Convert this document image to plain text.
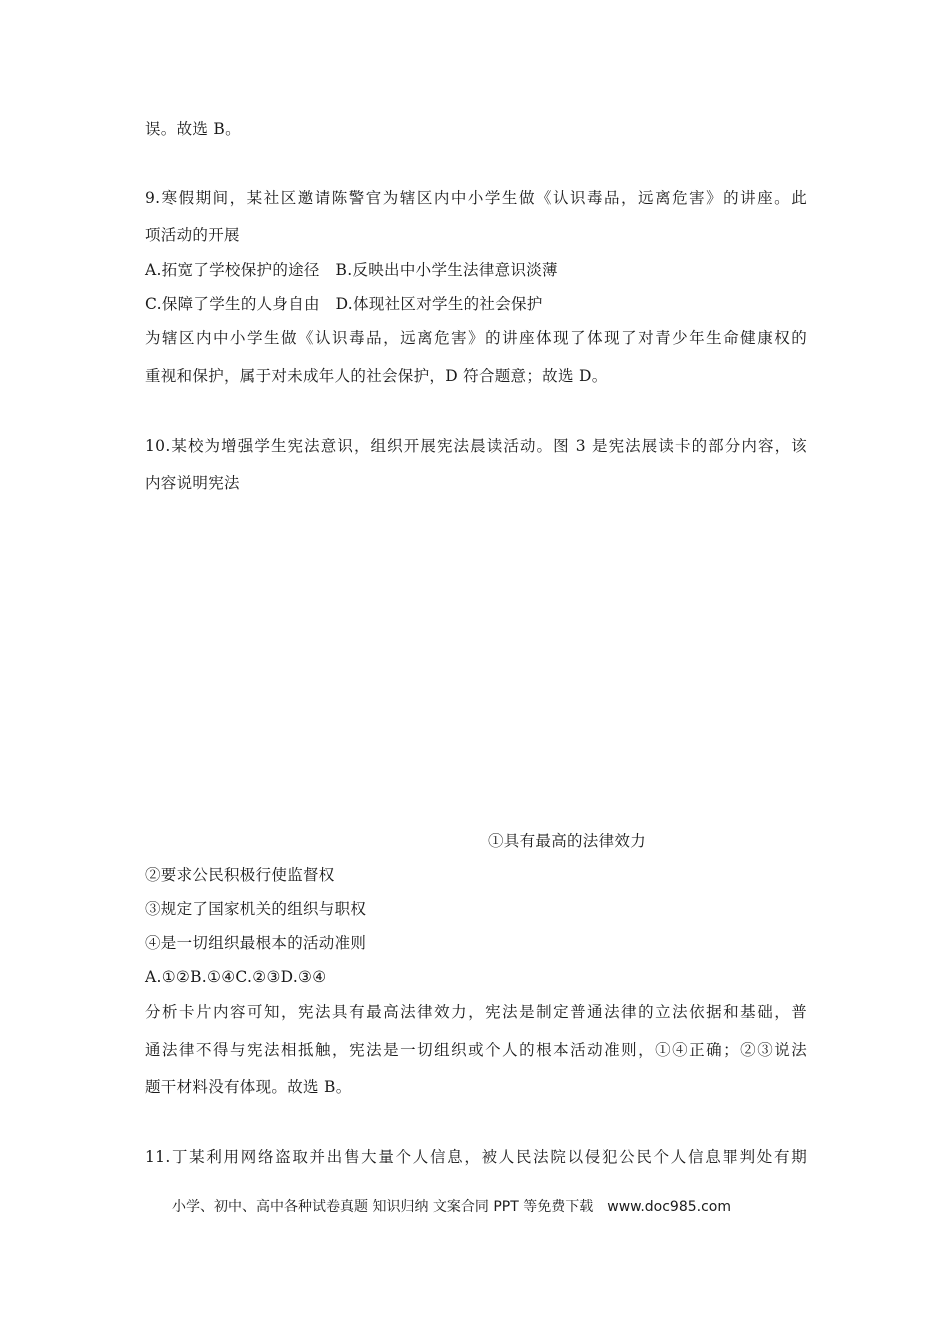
误。故选 B。
9.寒假期间，某社区邀请陈警官为辖区内中小学生做《认识毒品，远离危害》的讲座。此
项活动的开展
A.拓宽了学校保护的途径　B.反映出中小学生法律意识淡薄
C.保障了学生的人身自由　D.体现社区对学生的社会保护
为辖区内中小学生做《认识毒品，远离危害》的讲座体现了体现了对青少年生命健康权的
重视和保护，属于对未成年人的社会保护，D 符合题意；故选 D。
10.某校为增强学生宪法意识，组织开展宪法晨读活动。图 3 是宪法展读卡的部分内容，该
内容说明宪法
①具有最高的法律效力
②要求公民积极行使监督权
③规定了国家机关的组织与职权
④是一切组织最根本的活动准则
A.①②B.①④C.②③D.③④
分析卡片内容可知，宪法具有最高法律效力，宪法是制定普通法律的立法依据和基础，普
通法律不得与宪法相抵触，宪法是一切组织或个人的根本活动准则，①④正确；②③说法
题干材料没有体现。故选 B。
11.丁某利用网络盗取并出售大量个人信息，被人民法院以侵犯公民个人信息罪判处有期
小学、初中、高中各种试卷真题 知识归纳 文案合同 PPT 等免费下载 www.doc985.com
